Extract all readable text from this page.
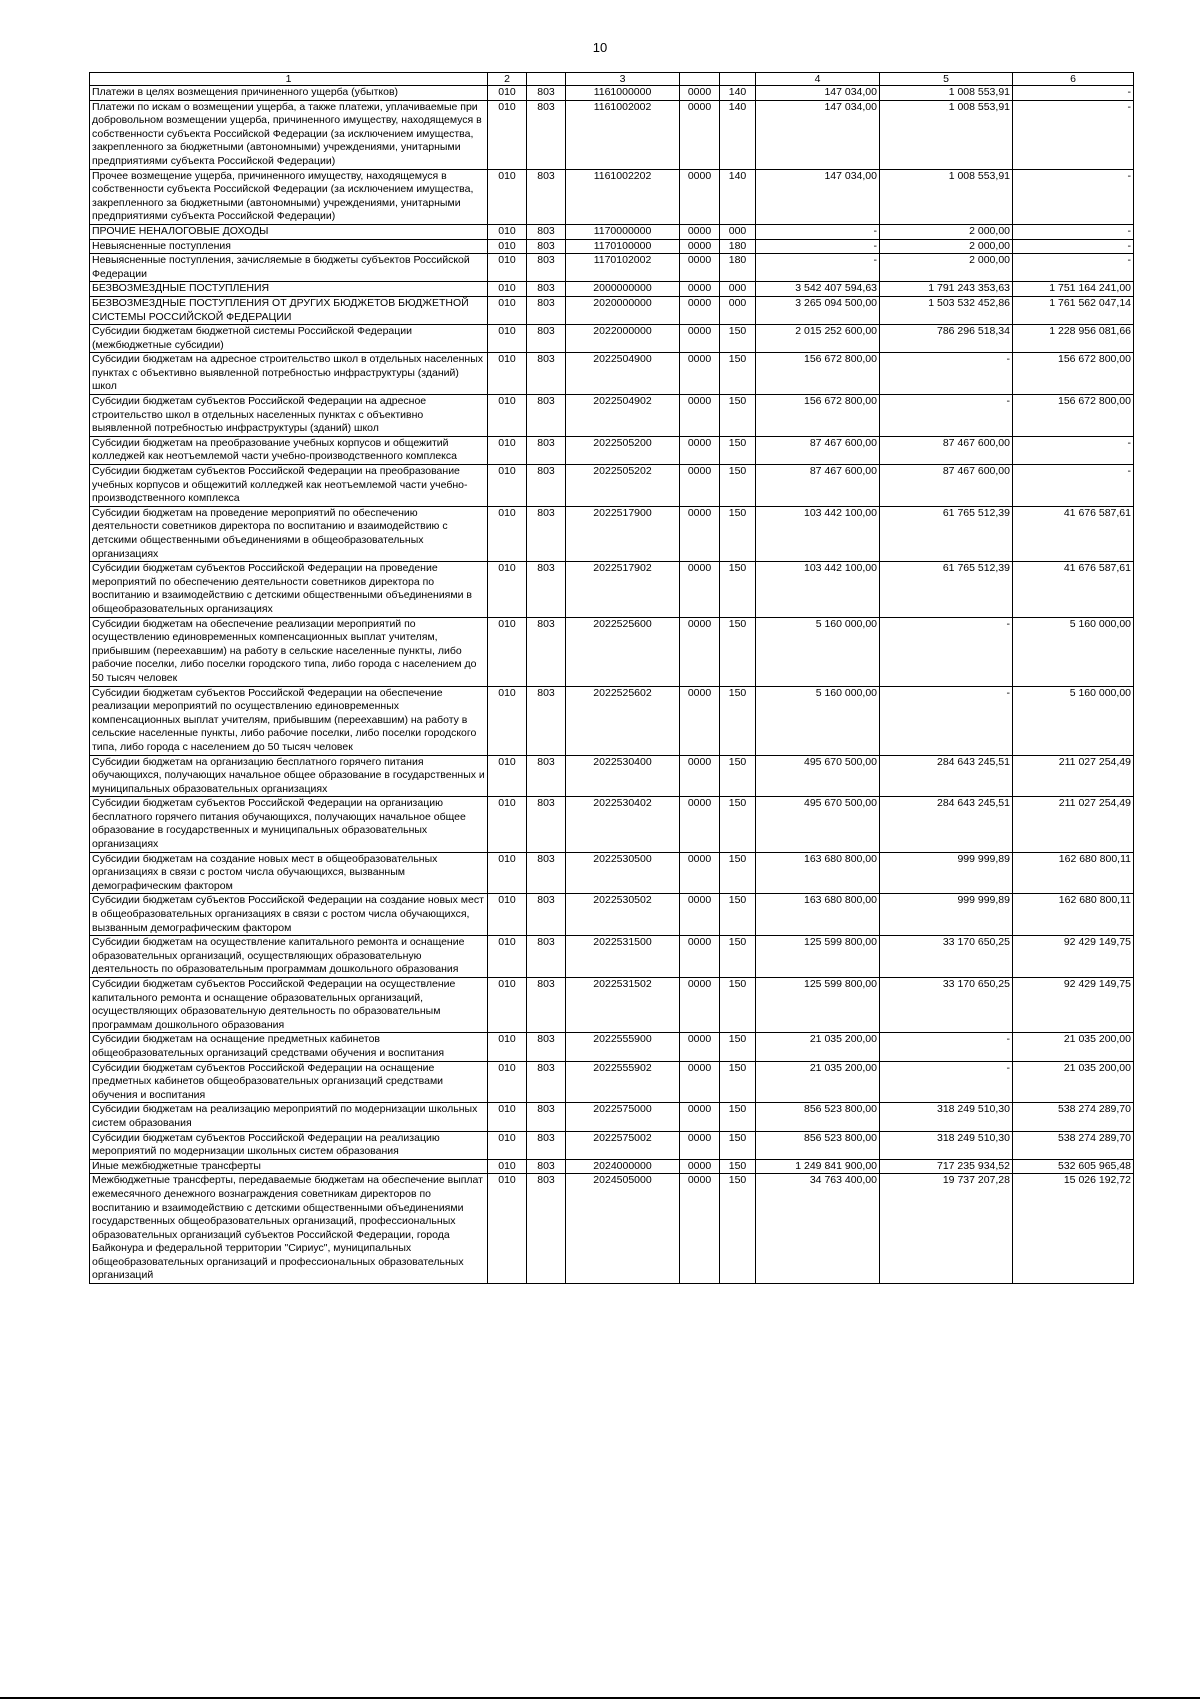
10
1	2		3			4	5	6
Платежи в целях возмещения причиненного ущерба (убытков)	010	803	1161000000	0000	140	147 034,00	1 008 553,91	-
Платежи по искам о возмещении ущерба, а также платежи, уплачиваемые при добровольном возмещении ущерба, причиненного имуществу, находящемуся в собственности субъекта Российской Федерации (за исключением имущества, закрепленного за бюджетными (автономными) учреждениями, унитарными предприятиями субъекта Российской Федерации)	010	803	1161002002	0000	140	147 034,00	1 008 553,91	-
Прочее возмещение ущерба, причиненного имуществу, находящемуся в собственности субъекта Российской Федерации (за исключением имущества, закрепленного за бюджетными (автономными) учреждениями, унитарными предприятиями субъекта Российской Федерации)	010	803	1161002202	0000	140	147 034,00	1 008 553,91	-
ПРОЧИЕ НЕНАЛОГОВЫЕ ДОХОДЫ	010	803	1170000000	0000	000	-	2 000,00	-
Невыясненные поступления	010	803	1170100000	0000	180	-	2 000,00	-
Невыясненные поступления, зачисляемые в бюджеты субъектов Российской Федерации	010	803	1170102002	0000	180	-	2 000,00	-
БЕЗВОЗМЕЗДНЫЕ ПОСТУПЛЕНИЯ	010	803	2000000000	0000	000	3 542 407 594,63	1 791 243 353,63	1 751 164 241,00
БЕЗВОЗМЕЗДНЫЕ ПОСТУПЛЕНИЯ ОТ ДРУГИХ БЮДЖЕТОВ БЮДЖЕТНОЙ СИСТЕМЫ РОССИЙСКОЙ ФЕДЕРАЦИИ	010	803	2020000000	0000	000	3 265 094 500,00	1 503 532 452,86	1 761 562 047,14
Субсидии бюджетам бюджетной системы Российской Федерации (межбюджетные субсидии)	010	803	2022000000	0000	150	2 015 252 600,00	786 296 518,34	1 228 956 081,66
Субсидии бюджетам на адресное строительство школ в отдельных населенных пунктах с объективно выявленной потребностью инфраструктуры (зданий) школ	010	803	2022504900	0000	150	156 672 800,00	-	156 672 800,00
Субсидии бюджетам субъектов Российской Федерации на адресное строительство школ в отдельных населенных пунктах с объективно выявленной потребностью инфраструктуры (зданий) школ	010	803	2022504902	0000	150	156 672 800,00	-	156 672 800,00
Субсидии бюджетам на преобразование учебных корпусов и общежитий колледжей как неотъемлемой части учебно-производственного комплекса	010	803	2022505200	0000	150	87 467 600,00	87 467 600,00	-
Субсидии бюджетам субъектов Российской Федерации на преобразование учебных корпусов и общежитий колледжей как неотъемлемой части учебно-производственного комплекса	010	803	2022505202	0000	150	87 467 600,00	87 467 600,00	-
Субсидии бюджетам на проведение мероприятий по обеспечению деятельности советников директора по воспитанию и взаимодействию с детскими общественными объединениями в общеобразовательных организациях	010	803	2022517900	0000	150	103 442 100,00	61 765 512,39	41 676 587,61
Субсидии бюджетам субъектов Российской Федерации на проведение мероприятий по обеспечению деятельности советников директора по воспитанию и взаимодействию с детскими общественными объединениями в общеобразовательных организациях	010	803	2022517902	0000	150	103 442 100,00	61 765 512,39	41 676 587,61
Субсидии бюджетам на обеспечение реализации мероприятий по осуществлению единовременных компенсационных выплат учителям, прибывшим (переехавшим) на работу в сельские населенные пункты, либо рабочие поселки, либо поселки городского типа, либо города с населением до 50 тысяч человек	010	803	2022525600	0000	150	5 160 000,00	-	5 160 000,00
Субсидии бюджетам субъектов Российской Федерации на обеспечение реализации мероприятий по осуществлению единовременных компенсационных выплат учителям, прибывшим (переехавшим) на работу в сельские населенные пункты, либо рабочие поселки, либо поселки городского типа, либо города с населением до 50 тысяч человек	010	803	2022525602	0000	150	5 160 000,00	-	5 160 000,00
Субсидии бюджетам на организацию бесплатного горячего питания обучающихся, получающих начальное общее образование в государственных и муниципальных образовательных организациях	010	803	2022530400	0000	150	495 670 500,00	284 643 245,51	211 027 254,49
Субсидии бюджетам субъектов Российской Федерации на организацию бесплатного горячего питания обучающихся, получающих начальное общее образование в государственных и муниципальных образовательных организациях	010	803	2022530402	0000	150	495 670 500,00	284 643 245,51	211 027 254,49
Субсидии бюджетам на создание новых мест в общеобразовательных организациях в связи с ростом числа обучающихся, вызванным демографическим фактором	010	803	2022530500	0000	150	163 680 800,00	999 999,89	162 680 800,11
Субсидии бюджетам субъектов Российской Федерации на создание новых мест в общеобразовательных организациях в связи с ростом числа обучающихся, вызванным демографическим фактором	010	803	2022530502	0000	150	163 680 800,00	999 999,89	162 680 800,11
Субсидии бюджетам на осуществление капитального ремонта и оснащение образовательных организаций, осуществляющих образовательную деятельность по образовательным программам дошкольного образования	010	803	2022531500	0000	150	125 599 800,00	33 170 650,25	92 429 149,75
Субсидии бюджетам субъектов Российской Федерации на осуществление капитального ремонта и оснащение образовательных организаций, осуществляющих образовательную деятельность по образовательным программам дошкольного образования	010	803	2022531502	0000	150	125 599 800,00	33 170 650,25	92 429 149,75
Субсидии бюджетам на оснащение предметных кабинетов общеобразовательных организаций средствами обучения и воспитания	010	803	2022555900	0000	150	21 035 200,00	-	21 035 200,00
Субсидии бюджетам субъектов Российской Федерации на оснащение предметных кабинетов общеобразовательных организаций средствами обучения и воспитания	010	803	2022555902	0000	150	21 035 200,00	-	21 035 200,00
Субсидии бюджетам на реализацию мероприятий по модернизации школьных систем образования	010	803	2022575000	0000	150	856 523 800,00	318 249 510,30	538 274 289,70
Субсидии бюджетам субъектов Российской Федерации на реализацию мероприятий по модернизации школьных систем образования	010	803	2022575002	0000	150	856 523 800,00	318 249 510,30	538 274 289,70
Иные межбюджетные трансферты	010	803	2024000000	0000	150	1 249 841 900,00	717 235 934,52	532 605 965,48
Межбюджетные трансферты, передаваемые бюджетам на обеспечение выплат ежемесячного денежного вознаграждения советникам директоров по воспитанию и взаимодействию с детскими общественными объединениями государственных общеобразовательных организаций, профессиональных образовательных организаций субъектов Российской Федерации, города Байконура и федеральной территории "Сириус", муниципальных общеобразовательных организаций и профессиональных образовательных организаций	010	803	2024505000	0000	150	34 763 400,00	19 737 207,28	15 026 192,72
